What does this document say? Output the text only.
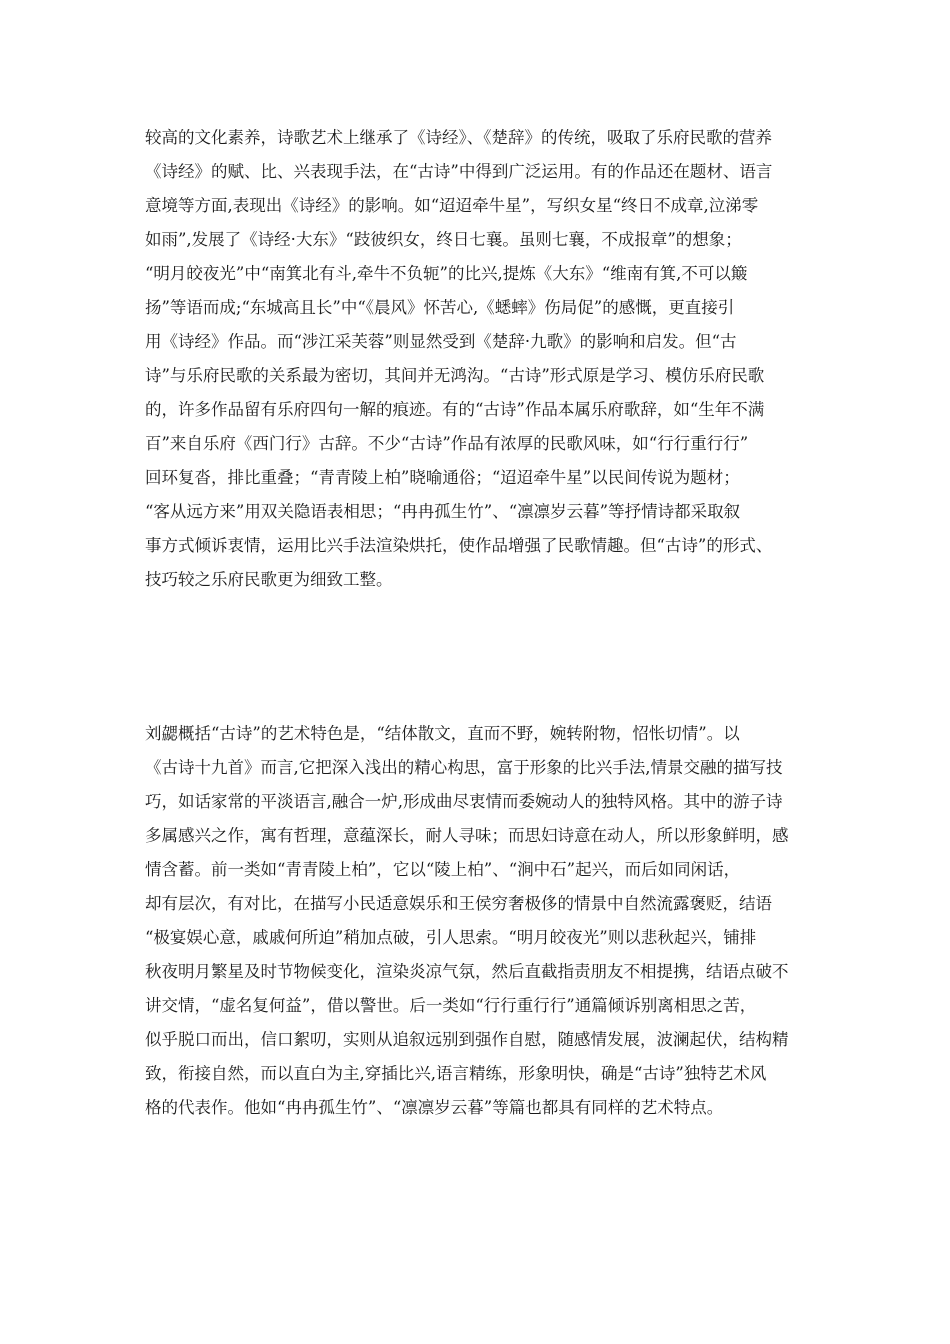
较高的文化素养，诗歌艺术上继承了《诗经》、《楚辞》的传统，吸取了乐府民歌的营养
《诗经》的赋、比、兴表现手法，在“古诗”中得到广泛运用。有的作品还在题材、语言
意境等方面,表现出《诗经》的影响。如“迢迢牵牛星”，写织女星“终日不成章,泣涕零
如雨”,发展了《诗经·大东》“跂彼织女，终日七襄。虽则七襄，不成报章”的想象；
“明月皎夜光”中“南箕北有斗,牵牛不负轭”的比兴,提炼《大东》“维南有箕,不可以簸
扬”等语而成;“东城高且长”中“《晨风》怀苦心,《蟋蟀》伤局促”的感慨，更直接引
用《诗经》作品。而“涉江采芙蓉”则显然受到《楚辞·九歌》的影响和启发。但“古
诗”与乐府民歌的关系最为密切，其间并无鸿沟。“古诗”形式原是学习、模仿乐府民歌
的，许多作品留有乐府四句一解的痕迹。有的“古诗”作品本属乐府歌辞，如“生年不满
百”来自乐府《西门行》古辞。不少“古诗”作品有浓厚的民歌风味，如“行行重行行”
回环复沓，排比重叠；“青青陵上柏”晓喻通俗；“迢迢牵牛星”以民间传说为题材；
“客从远方来”用双关隐语表相思；“冉冉孤生竹”、“凛凛岁云暮”等抒情诗都采取叙
事方式倾诉衷情，运用比兴手法渲染烘托，使作品增强了民歌情趣。但“古诗”的形式、
技巧较之乐府民歌更为细致工整。
刘勰概括“古诗”的艺术特色是，“结体散文，直而不野，婉转附物，怊怅切情”。以
《古诗十九首》而言,它把深入浅出的精心构思，富于形象的比兴手法,情景交融的描写技
巧，如话家常的平淡语言,融合一炉,形成曲尽衷情而委婉动人的独特风格。其中的游子诗
多属感兴之作，寓有哲理，意蕴深长，耐人寻味；而思妇诗意在动人，所以形象鲜明，感
情含蓄。前一类如“青青陵上柏”，它以“陵上柏”、“涧中石”起兴，而后如同闲话，
却有层次，有对比，在描写小民适意娱乐和王侯穷奢极侈的情景中自然流露褒贬，结语
“极宴娱心意，戚戚何所迫”稍加点破，引人思索。“明月皎夜光”则以悲秋起兴，铺排
秋夜明月繁星及时节物候变化，渲染炎凉气氛，然后直截指责朋友不相提携，结语点破不
讲交情，“虚名复何益”，借以警世。后一类如“行行重行行”通篇倾诉别离相思之苦，
似乎脱口而出，信口絮叨，实则从追叙远别到强作自慰，随感情发展，波澜起伏，结构精
致，衔接自然，而以直白为主,穿插比兴,语言精练，形象明快，确是“古诗”独特艺术风
格的代表作。他如“冉冉孤生竹”、“凛凛岁云暮”等篇也都具有同样的艺术特点。
